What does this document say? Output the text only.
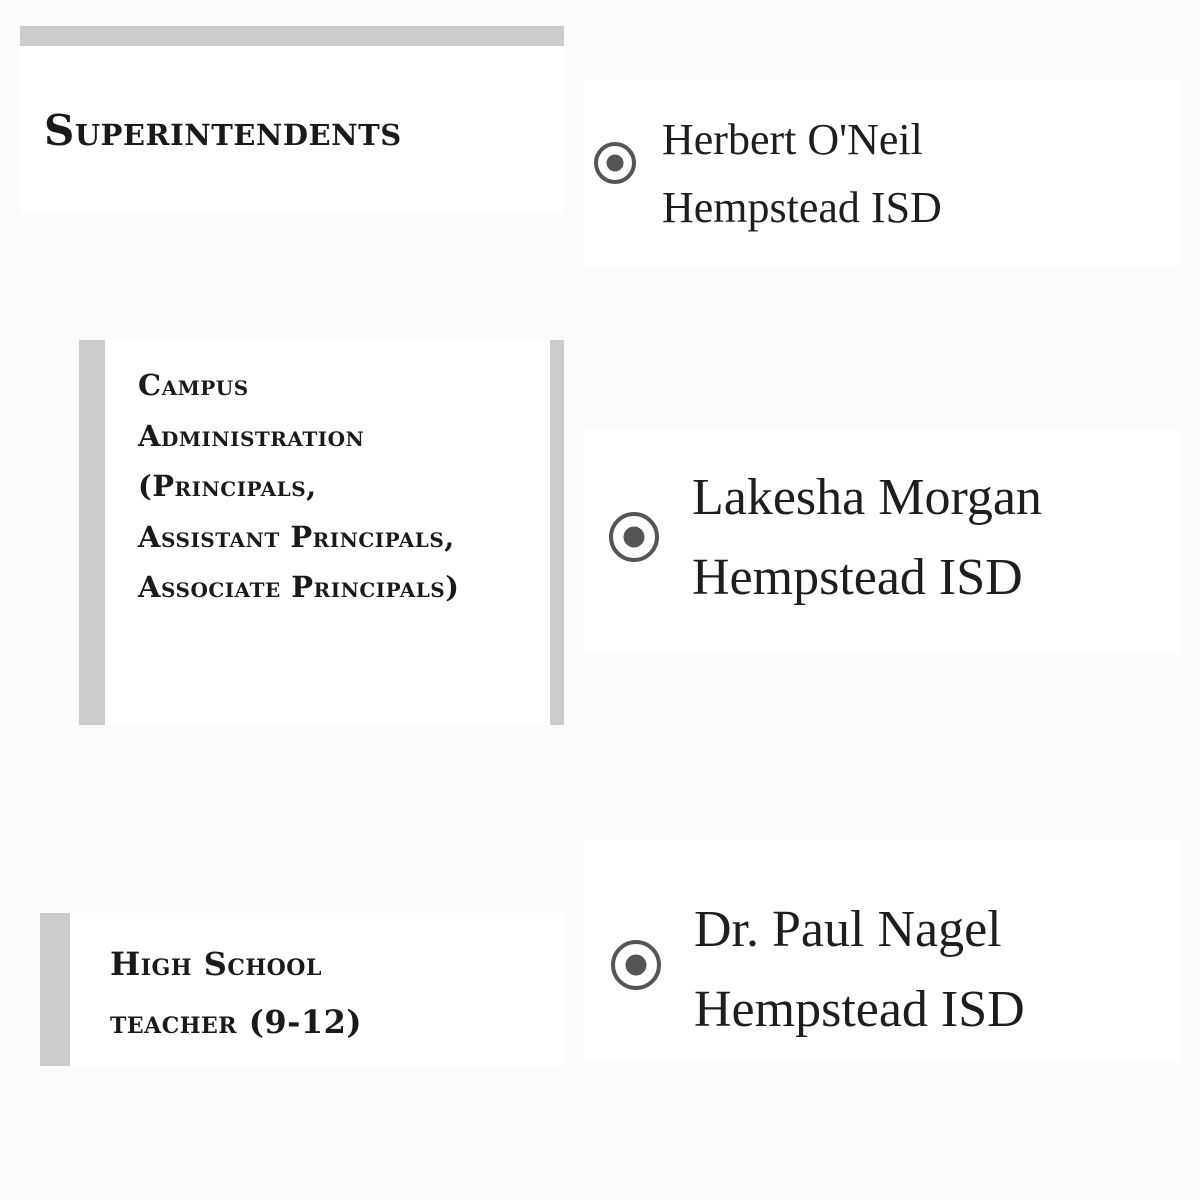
Superintendents	Herbert O'Neil
Hempstead ISD
Campus Administration (Principals, Assistant Principals, Associate Principals)
Lakesha Morgan
Hempstead ISD
High School teacher (9-12)
Dr. Paul Nagel
Hempstead ISD
